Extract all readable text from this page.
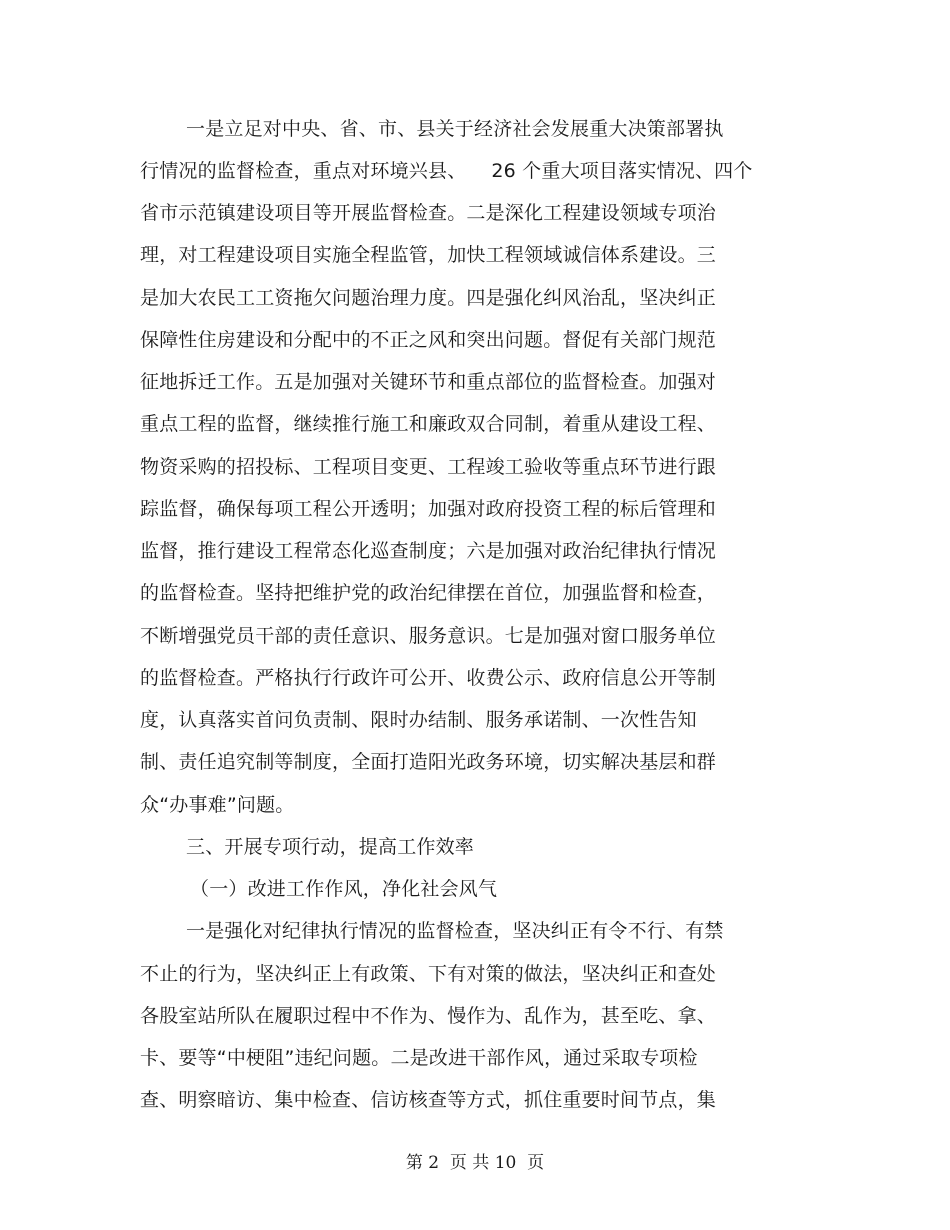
一是立足对中央、省、市、县关于经济社会发展重大决策部署执
行情况的监督检查，重点对环境兴县、    26 个重大项目落实情况、四个
省市示范镇建设项目等开展监督检查。二是深化工程建设领域专项治
理，对工程建设项目实施全程监管，加快工程领域诚信体系建设。三
是加大农民工工资拖欠问题治理力度。四是强化纠风治乱，坚决纠正
保障性住房建设和分配中的不正之风和突出问题。督促有关部门规范
征地拆迁工作。五是加强对关键环节和重点部位的监督检查。加强对
重点工程的监督，继续推行施工和廉政双合同制，着重从建设工程、
物资采购的招投标、工程项目变更、工程竣工验收等重点环节进行跟
踪监督，确保每项工程公开透明；加强对政府投资工程的标后管理和
监督，推行建设工程常态化巡查制度；六是加强对政治纪律执行情况
的监督检查。坚持把维护党的政治纪律摆在首位，加强监督和检查，
不断增强党员干部的责任意识、服务意识。七是加强对窗口服务单位
的监督检查。严格执行行政许可公开、收费公示、政府信息公开等制
度，认真落实首问负责制、限时办结制、服务承诺制、一次性告知
制、责任追究制等制度，全面打造阳光政务环境，切实解决基层和群
众“办事难”问题。
三、开展专项行动，提高工作效率
（一）改进工作作风，净化社会风气
一是强化对纪律执行情况的监督检查，坚决纠正有令不行、有禁
不止的行为，坚决纠正上有政策、下有对策的做法，坚决纠正和查处
各股室站所队在履职过程中不作为、慢作为、乱作为，甚至吃、拿、
卡、要等“中梗阻”违纪问题。二是改进干部作风，通过采取专项检
查、明察暗访、集中检查、信访核查等方式，抓住重要时间节点，集
第 2  页 共 10  页
